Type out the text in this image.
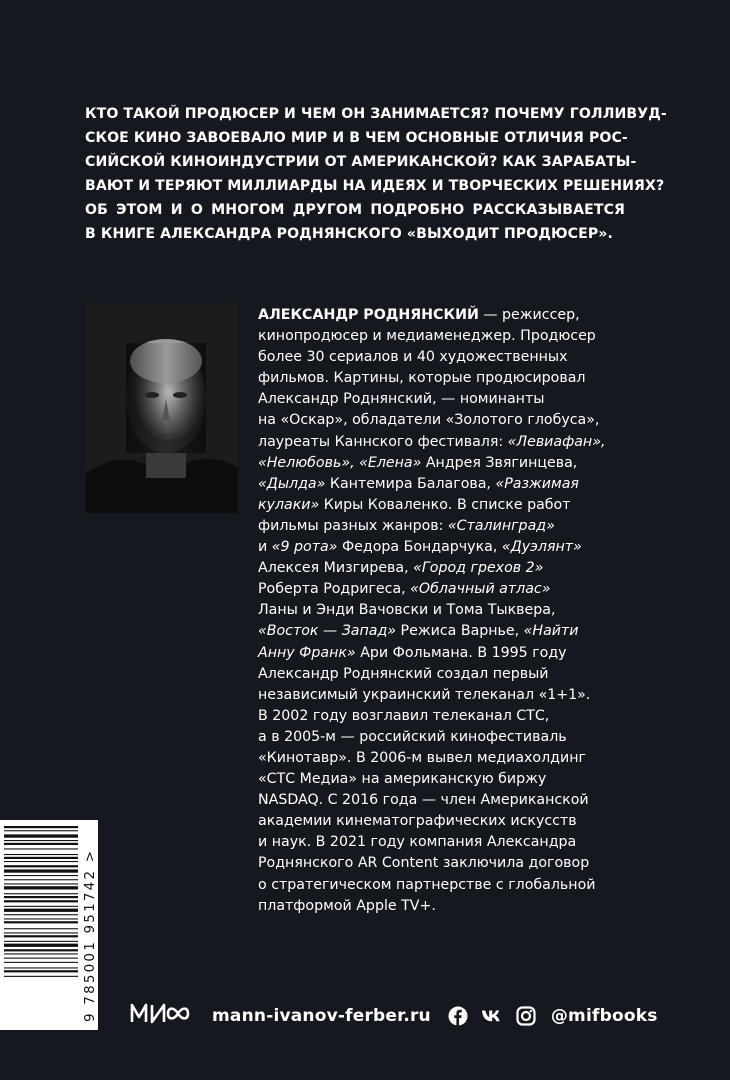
КТО ТАКОЙ ПРОДЮСЕР И ЧЕМ ОН ЗАНИМАЕТСЯ? ПОЧЕМУ ГОЛЛИВУД-
СКОЕ КИНО ЗАВОЕВАЛО МИР И В ЧЕМ ОСНОВНЫЕ ОТЛИЧИЯ РОС-
СИЙСКОЙ КИНОИНДУСТРИИ ОТ АМЕРИКАНСКОЙ? КАК ЗАРАБАТЫ-
ВАЮТ И ТЕРЯЮТ МИЛЛИАРДЫ НА ИДЕЯХ И ТВОРЧЕСКИХ РЕШЕНИЯХ?
ОБ ЭТОМ И О МНОГОМ ДРУГОМ ПОДРОБНО РАССКАЗЫВАЕТСЯ
В КНИГЕ АЛЕКСАНДРА РОДНЯНСКОГО «ВЫХОДИТ ПРОДЮСЕР».
АЛЕКСАНДР РОДНЯНСКИЙ — режиссер,
кинопродюсер и медиаменеджер. Продюсер
более 30 сериалов и 40 художественных
фильмов. Картины, которые продюсировал
Александр Роднянский, — номинанты
на «Оскар», обладатели «Золотого глобуса»,
лауреаты Каннского фестиваля: «Левиафан»,
«Нелюбовь», «Елена» Андрея Звягинцева,
«Дылда» Кантемира Балагова, «Разжимая
кулаки» Киры Коваленко. В списке работ
фильмы разных жанров: «Сталинград»
и «9 рота» Федора Бондарчука, «Дуэлянт»
Алексея Мизгирева, «Город грехов 2»
Роберта Родригеса, «Облачный атлас»
Ланы и Энди Вачовски и Тома Тыквера,
«Восток — Запад» Режиса Варнье, «Найти
Анну Франк» Ари Фольмана. В 1995 году
Александр Роднянский создал первый
независимый украинский телеканал «1+1».
В 2002 году возглавил телеканал СТС,
а в 2005-м — российский кинофестиваль
«Кинотавр». В 2006-м вывел медиахолдинг
«СТС Медиа» на американскую биржу
NASDAQ. С 2016 года — член Американской
академии кинематографических искусств
и наук. В 2021 году компания Александра
Роднянского AR Content заключила договор
о стратегическом партнерстве с глобальной
платформой Apple TV+.
9 785001 951742 >	mann-ivanov-ferber.ru	@mifbooks
